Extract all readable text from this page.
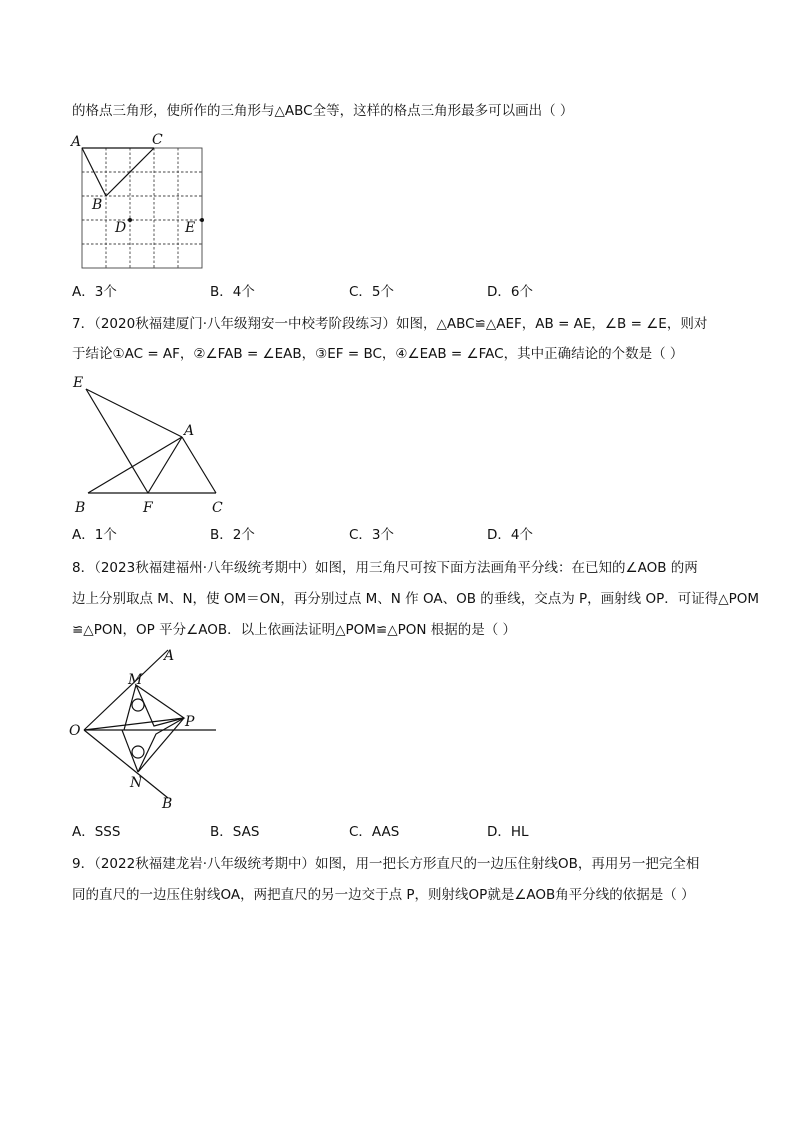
的格点三角形，使所作的三角形与△ABC全等，这样的格点三角形最多可以画出（ ）
A	C
B
D	E
A．3个	B．4个	C．5个	D．6个
7．（2020秋福建厦门·八年级翔安一中校考阶段练习）如图，△ABC≌△AEF，AB = AE，∠B = ∠E，则对
于结论①AC = AF，②∠FAB = ∠EAB，③EF = BC，④∠EAB = ∠FAC，其中正确结论的个数是（ ）
E
A
B	F	C
A．1个	B．2个	C．3个	D．4个
8．（2023秋福建福州·八年级统考期中）如图，用三角尺可按下面方法画角平分线：在已知的∠AOB 的两
边上分别取点 M、N，使 OM＝ON，再分别过点 M、N 作 OA、OB 的垂线，交点为 P，画射线 OP．可证得△POM
≌△PON，OP 平分∠AOB．以上依画法证明△POM≌△PON 根据的是（ ）
A
M
O
P
N
B
A．SSS	B．SAS	C．AAS	D．HL
9．（2022秋福建龙岩·八年级统考期中）如图，用一把长方形直尺的一边压住射线OB，再用另一把完全相
同的直尺的一边压住射线OA，两把直尺的另一边交于点 P，则射线OP就是∠AOB角平分线的依据是（ ）
